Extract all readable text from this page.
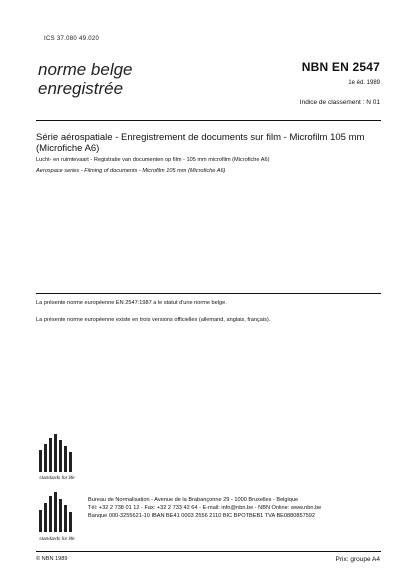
ICS 37.080 49.020
norme belge
enregistrée
NBN EN 2547
1e éd. 1989
Indice de classement : N 01
Série aérospatiale - Enregistrement de documents sur film - Microfilm 105 mm (Microfiche A6)
Lucht- en ruimtevaart - Registratie van documenten op film - 105 mm microfilm (Microfiche A6)
Aerospace series - Filming of documents - Microfilm 105 mm (Microfiche A6)
La présente norme européenne EN 2547:1987 a le statut d'une norme belge.
La présente norme européenne existe en trois versions officielles (allemand, anglais, français).
standards for life
standards for life
Bureau de Normalisation - Avenue de la Brabançonne 29 - 1000 Bruxelles - Belgique
Tél: +32 2 738 01 12 - Fax: +32 2 733 42 64 - E-mail: info@nbn.be - NBN Online: www.nbn.be
Banque 000-3255621-10 IBAN BE41 0003 2556 2110 BIC BPOTBEB1 TVA BE0880857592
© NBN 1989	Prix: groupe A4
